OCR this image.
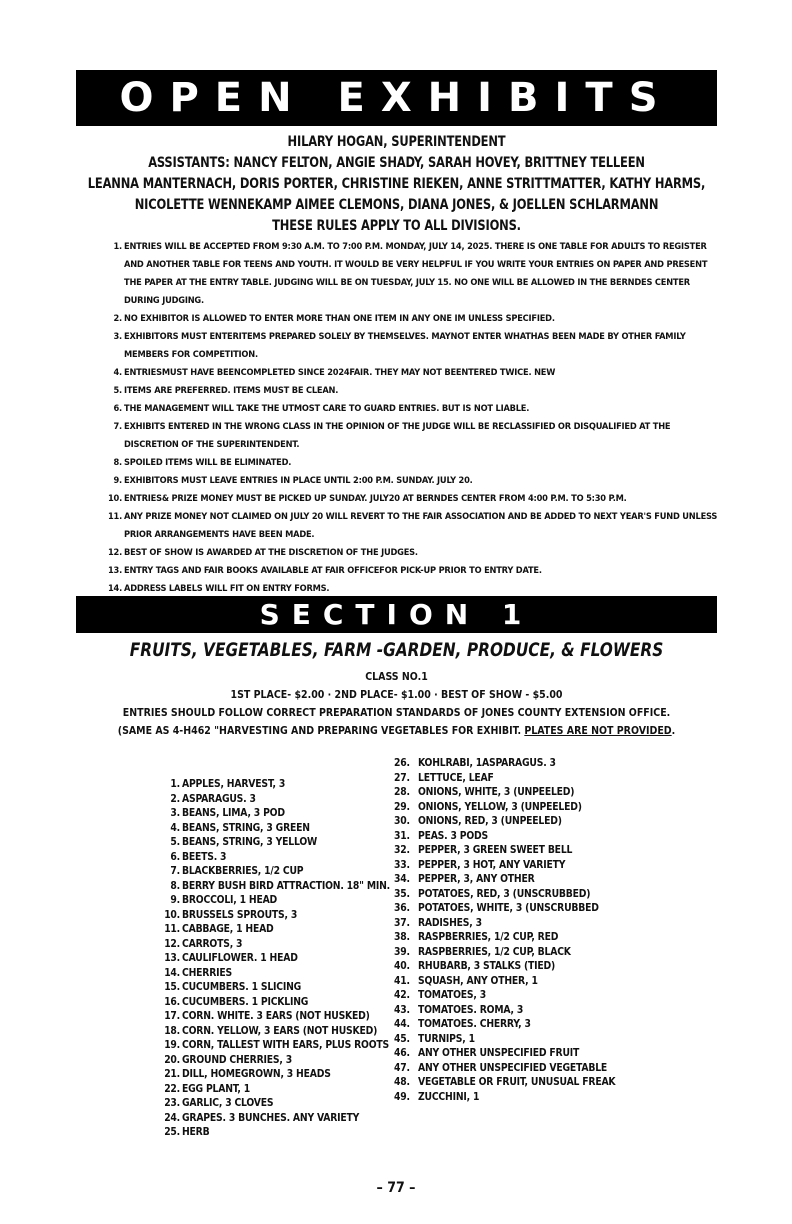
OPEN EXHIBITS
HILARY HOGAN, SUPERINTENDENT
ASSISTANTS: NANCY FELTON, ANGIE SHADY, SARAH HOVEY, BRITTNEY TELLEEN
LEANNA MANTERNACH, DORIS PORTER, CHRISTINE RIEKEN, ANNE STRITTMATTER, KATHY HARMS,
NICOLETTE WENNEKAMP AIMEE CLEMONS, DIANA JONES, & JOELLEN SCHLARMANN
THESE RULES APPLY TO ALL DIVISIONS.
1. ENTRIES WILL BE ACCEPTED FROM 9:30 A.M. TO 7:00 P.M. MONDAY, JULY 14, 2025. THERE IS ONE TABLE FOR ADULTS TO REGISTER AND ANOTHER TABLE FOR TEENS AND YOUTH. IT WOULD BE VERY HELPFUL IF YOU WRITE YOUR ENTRIES ON PAPER AND PRESENT THE PAPER AT THE ENTRY TABLE. JUDGING WILL BE ON TUESDAY, JULY 15. NO ONE WILL BE ALLOWED IN THE BERNDES CENTER DURING JUDGING.
2. NO EXHIBITOR IS ALLOWED TO ENTER MORE THAN ONE ITEM IN ANY ONE IM UNLESS SPECIFIED.
3. EXHIBITORS MUST ENTERITEMS PREPARED SOLELY BY THEMSELVES. MAYNOT ENTER WHATHAS BEEN MADE BY OTHER FAMILY MEMBERS FOR COMPETITION.
4. ENTRIESMUST HAVE BEENCOMPLETED SINCE 2024FAIR. THEY MAY NOT BEENTERED TWICE. NEW
5. ITEMS ARE PREFERRED. ITEMS MUST BE CLEAN.
6. THE MANAGEMENT WILL TAKE THE UTMOST CARE TO GUARD ENTRIES. BUT IS NOT LIABLE.
7. EXHIBITS ENTERED IN THE WRONG CLASS IN THE OPINION OF THE JUDGE WILL BE RECLASSIFIED OR DISQUALIFIED AT THE DISCRETION OF THE SUPERINTENDENT.
8. SPOILED ITEMS WILL BE ELIMINATED.
9. EXHIBITORS MUST LEAVE ENTRIES IN PLACE UNTIL 2:00 P.M. SUNDAY. JULY 20.
10. ENTRIES& PRIZE MONEY MUST BE PICKED UP SUNDAY. JULY20 AT BERNDES CENTER FROM 4:00 P.M. TO 5:30 P.M.
11. ANY PRIZE MONEY NOT CLAIMED ON JULY 20 WILL REVERT TO THE FAIR ASSOCIATION AND BE ADDED TO NEXT YEAR'S FUND UNLESS PRIOR ARRANGEMENTS HAVE BEEN MADE.
12. BEST OF SHOW IS AWARDED AT THE DISCRETION OF THE JUDGES.
13. ENTRY TAGS AND FAIR BOOKS AVAILABLE AT FAIR OFFICEFOR PICK-UP PRIOR TO ENTRY DATE.
14. ADDRESS LABELS WILL FIT ON ENTRY FORMS.
SECTION 1
FRUITS, VEGETABLES, FARM -GARDEN, PRODUCE, & FLOWERS
CLASS NO.1
1ST PLACE- $2.00 · 2ND PLACE- $1.00 · BEST OF SHOW - $5.00
ENTRIES SHOULD FOLLOW CORRECT PREPARATION STANDARDS OF JONES COUNTY EXTENSION OFFICE.
(SAME AS 4-H462 "HARVESTING AND PREPARING VEGETABLES FOR EXHIBIT. PLATES ARE NOT PROVIDED.
1. APPLES, HARVEST, 3
2. ASPARAGUS. 3
3. BEANS, LIMA, 3 POD
4. BEANS, STRING, 3 GREEN
5. BEANS, STRING, 3 YELLOW
6. BEETS. 3
7. BLACKBERRIES, 1/2 CUP
8. BERRY BUSH BIRD ATTRACTION. 18" MIN.
9. BROCCOLI, 1 HEAD
10. BRUSSELS SPROUTS, 3
11. CABBAGE, 1 HEAD
12. CARROTS, 3
13. CAULIFLOWER. 1 HEAD
14. CHERRIES
15. CUCUMBERS. 1 SLICING
16. CUCUMBERS. 1 PICKLING
17. CORN. WHITE. 3 EARS (NOT HUSKED)
18. CORN. YELLOW, 3 EARS (NOT HUSKED)
19. CORN, TALLEST WITH EARS, PLUS ROOTS
20. GROUND CHERRIES, 3
21. DILL, HOMEGROWN, 3 HEADS
22. EGG PLANT, 1
23. GARLIC, 3 CLOVES
24. GRAPES. 3 BUNCHES. ANY VARIETY
25. HERB
26. KOHLRABI, 1ASPARAGUS. 3
27. LETTUCE, LEAF
28. ONIONS, WHITE, 3 (UNPEELED)
29. ONIONS, YELLOW, 3 (UNPEELED)
30. ONIONS, RED, 3 (UNPEELED)
31. PEAS. 3 PODS
32. PEPPER, 3 GREEN SWEET BELL
33. PEPPER, 3 HOT, ANY VARIETY
34. PEPPER, 3, ANY OTHER
35. POTATOES, RED, 3 (UNSCRUBBED)
36. POTATOES, WHITE, 3 (UNSCRUBBED
37. RADISHES, 3
38. RASPBERRIES, 1/2 CUP, RED
39. RASPBERRIES, 1/2 CUP, BLACK
40. RHUBARB, 3 STALKS (TIED)
41. SQUASH, ANY OTHER, 1
42. TOMATOES, 3
43. TOMATOES. ROMA, 3
44. TOMATOES. CHERRY, 3
45. TURNIPS, 1
46. ANY OTHER UNSPECIFIED FRUIT
47. ANY OTHER UNSPECIFIED VEGETABLE
48. VEGETABLE OR FRUIT, UNUSUAL FREAK
49. ZUCCHINI, 1
– 77 –
